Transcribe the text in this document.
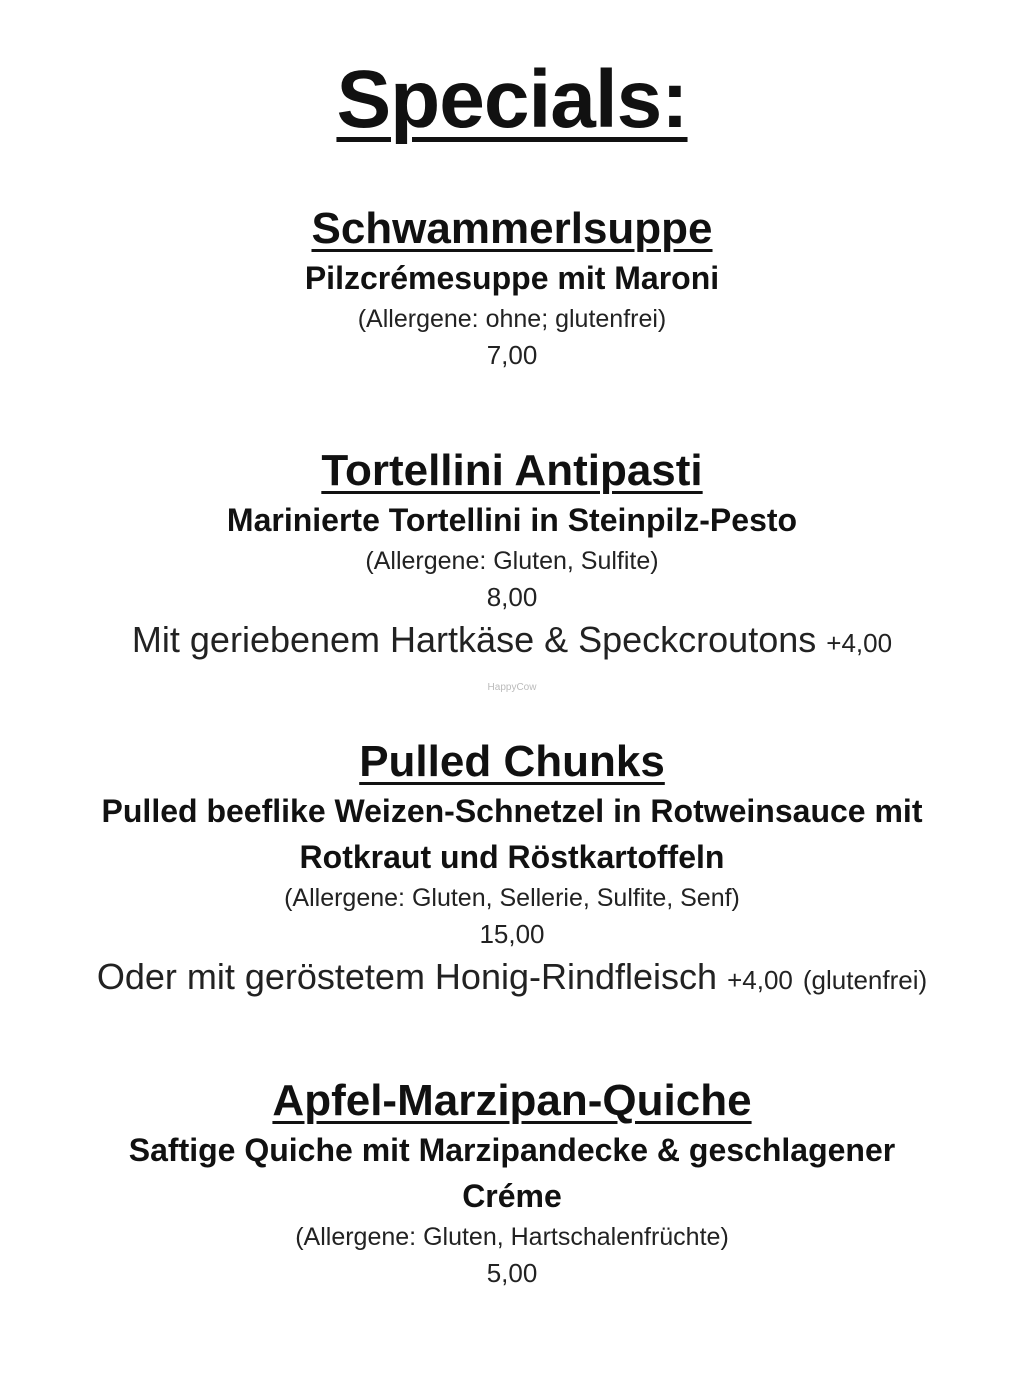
Specials:
Schwammerlsuppe

Pilzcrémesuppe mit Maroni

(Allergene: ohne; glutenfrei)

7,00

Tortellini Antipasti

Marinierte Tortellini in Steinpilz-Pesto

(Allergene: Gluten, Sulfite)

8,00

Mit geriebenem Hartkäse & Speckcroutons +4,00

HappyCow
Pulled Chunks

Pulled beeflike Weizen-Schnetzel in Rotweinsauce mit

Rotkraut und Röstkartoffeln

(Allergene: Gluten, Sellerie, Sulfite, Senf)

15,00

Oder mit geröstetem Honig-Rindfleisch +4,00 (glutenfrei)

Apfel-Marzipan-Quiche

Saftige Quiche mit Marzipandecke & geschlagener

Créme

(Allergene: Gluten, Hartschalenfrüchte)

5,00
